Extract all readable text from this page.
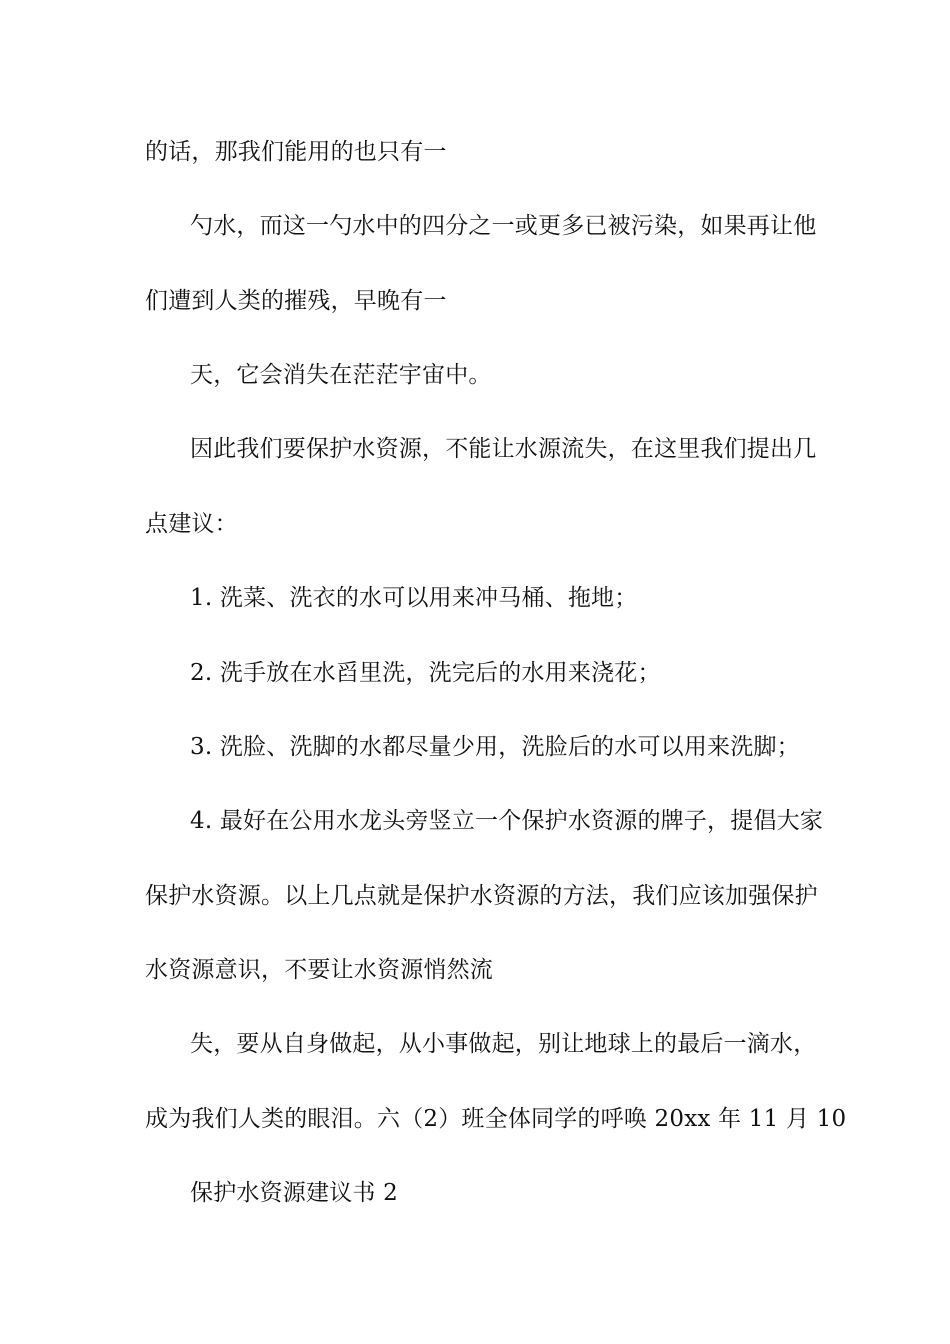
的话，那我们能用的也只有一
勺水，而这一勺水中的四分之一或更多已被污染，如果再让他
们遭到人类的摧残，早晚有一
天，它会消失在茫茫宇宙中。
因此我们要保护水资源，不能让水源流失，在这里我们提出几
点建议：
1. 洗菜、洗衣的水可以用来冲马桶、拖地；
2. 洗手放在水舀里洗，洗完后的水用来浇花；
3. 洗脸、洗脚的水都尽量少用，洗脸后的水可以用来洗脚；
4. 最好在公用水龙头旁竖立一个保护水资源的牌子，提倡大家
保护水资源。以上几点就是保护水资源的方法，我们应该加强保护
水资源意识，不要让水资源悄然流
失，要从自身做起，从小事做起，别让地球上的最后一滴水，
成为我们人类的眼泪。六（2）班全体同学的呼唤 20xx 年 11 月 10
保护水资源建议书 2
